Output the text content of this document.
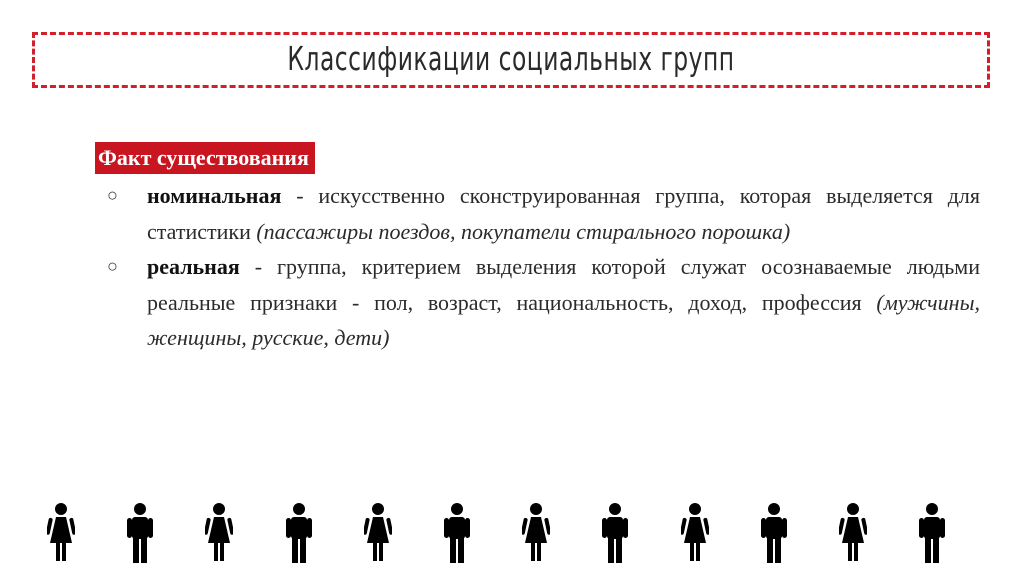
Классификации социальных групп
Факт существования
○ номинальная - искусственно сконструированная группа, которая выделяется для статистики (пассажиры поездов, покупатели стирального порошка)
○ реальная - группа, критерием выделения которой служат осознаваемые людьми реальные признаки - пол, возраст, национальность, доход, профессия (мужчины, женщины, русские, дети)
